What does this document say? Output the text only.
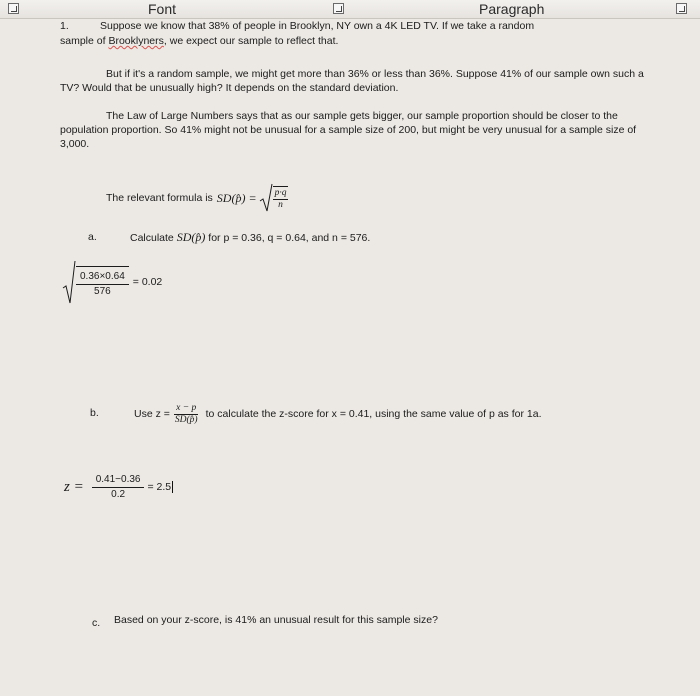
Font	Paragraph
1.	Suppose we know that 38% of people in Brooklyn, NY own a 4K LED TV. If we take a random
sample of Brooklyners, we expect our sample to reflect that.
But if it's a random sample, we might get more than 36% or less than 36%. Suppose 41% of our sample own such a TV? Would that be unusually high? It depends on the standard deviation.
The Law of Large Numbers says that as our sample gets bigger, our sample proportion should be closer to the population proportion. So 41% might not be unusual for a sample size of 200, but might be very unusual for a sample size of 3,000.
The relevant formula is SD(p̂) = $\frac{p\cdot q}{n}$
a.	Calculate SD(p̂) for p = 0.36, q = 0.64, and n = 576.
$\frac{0.36\times 0.64}{576} = 0.02$
b.	Use $z = \frac{x - p}{SD(p̂)}$ to calculate the z-score for x = 0.41, using the same value of p as for 1a.
$z = \frac{0.41-0.36}{0.2} = 2.5$
c. Based on your z-score, is 41% an unusual result for this sample size?
